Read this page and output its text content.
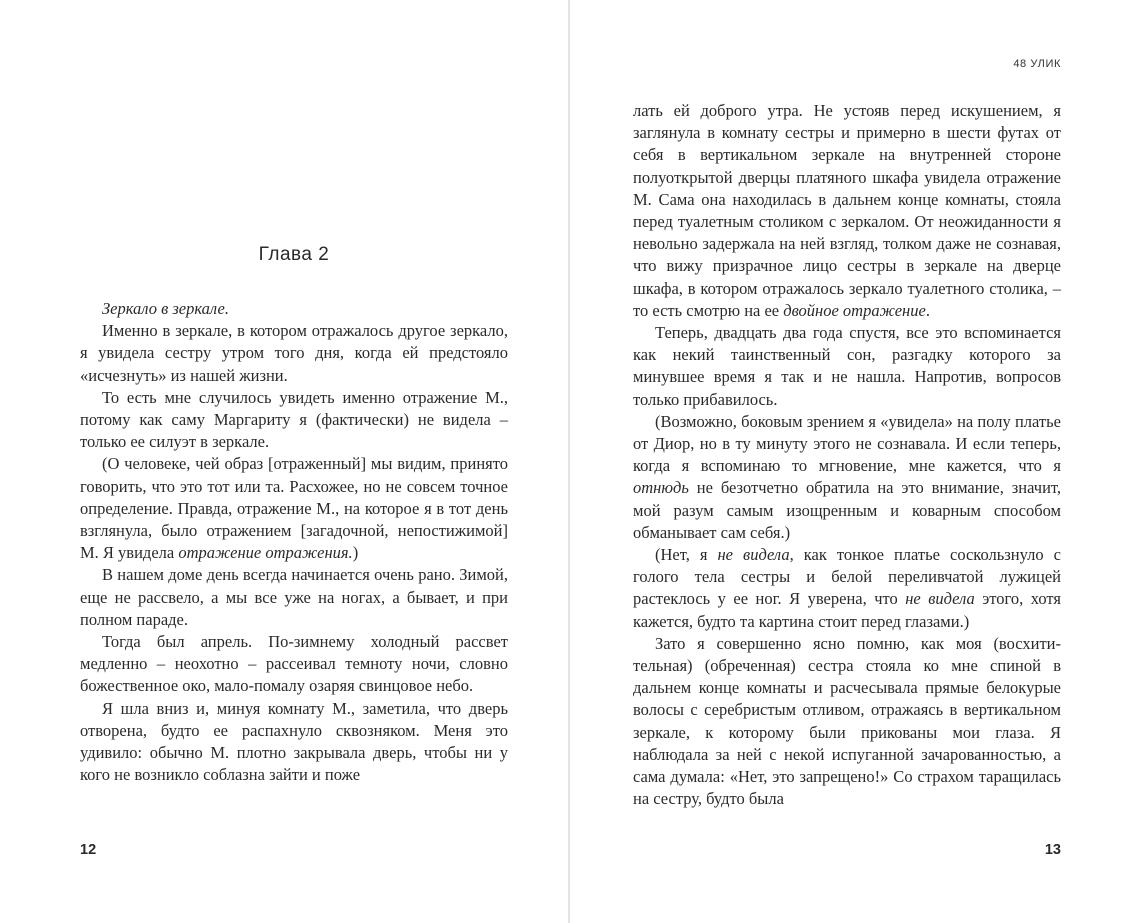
Глава 2

Зеркало в зеркале.

Именно в зеркале, в котором отражалось другое зеркало, я увидела сестру утром того дня, когда ей предстояло «исчезнуть» из нашей жизни.

То есть мне случилось увидеть именно отражение М., потому как саму Маргариту я (фактически) не видела – только ее силуэт в зеркале.

(О человеке, чей образ [отраженный] мы видим, принято говорить, что это тот или та. Расхожее, но не совсем точное определение. Правда, отражение М., на которое я в тот день взглянула, было отражением [загадочной, непостижимой] М. Я увидела отражение отражения.)

В нашем доме день всегда начинается очень рано. Зимой, еще не рассвело, а мы все уже на ногах, а бывает, и при полном параде.

Тогда был апрель. По-зимнему холодный рассвет медленно – неохотно – рассеивал темноту ночи, словно божественное око, мало-помалу озаряя свинцовое небо.

Я шла вниз и, минуя комнату М., заметила, что дверь отворена, будто ее распахнуло сквозняком. Меня это удивило: обычно М. плотно закрывала дверь, чтобы ни у кого не возникло соблазна зайти и поже

12
48 УЛИК

лать ей доброго утра. Не устояв перед искушением, я заглянула в комнату сестры и примерно в шести футах от себя в вертикальном зеркале на внутренней стороне полуоткрытой дверцы платяного шкафа увидела отражение М. Сама она находилась в дальнем конце комнаты, стояла перед туалетным столиком с зеркалом. От неожиданности я невольно задержала на ней взгляд, толком даже не сознавая, что вижу призрачное лицо сестры в зеркале на дверце шкафа, в котором отражалось зеркало туалетного столика, – то есть смотрю на ее двойное отражение.

Теперь, двадцать два года спустя, все это вспоминается как некий таинственный сон, разгадку которого за минувшее время я так и не нашла. Напротив, вопросов только прибавилось.

(Возможно, боковым зрением я «увидела» на полу платье от Диор, но в ту минуту этого не сознавала. И если теперь, когда я вспоминаю то мгновение, мне кажется, что я отнюдь не безотчетно обратила на это внимание, значит, мой разум самым изощренным и коварным способом обманывает сам себя.)

(Нет, я не видела, как тонкое платье соскользнуло с голого тела сестры и белой переливчатой лужицей растеклось у ее ног. Я уверена, что не видела этого, хотя кажется, будто та картина стоит перед глазами.)

Зато я совершенно ясно помню, как моя (восхитительная) (обреченная) сестра стояла ко мне спиной в дальнем конце комнаты и расчесывала прямые белокурые волосы с серебристым отливом, отражаясь в вертикальном зеркале, к которому были прикованы мои глаза. Я наблюдала за ней с некой испуганной зачарованностью, а сама думала: «Нет, это запрещено!» Со страхом таращилась на сестру, будто была

13
